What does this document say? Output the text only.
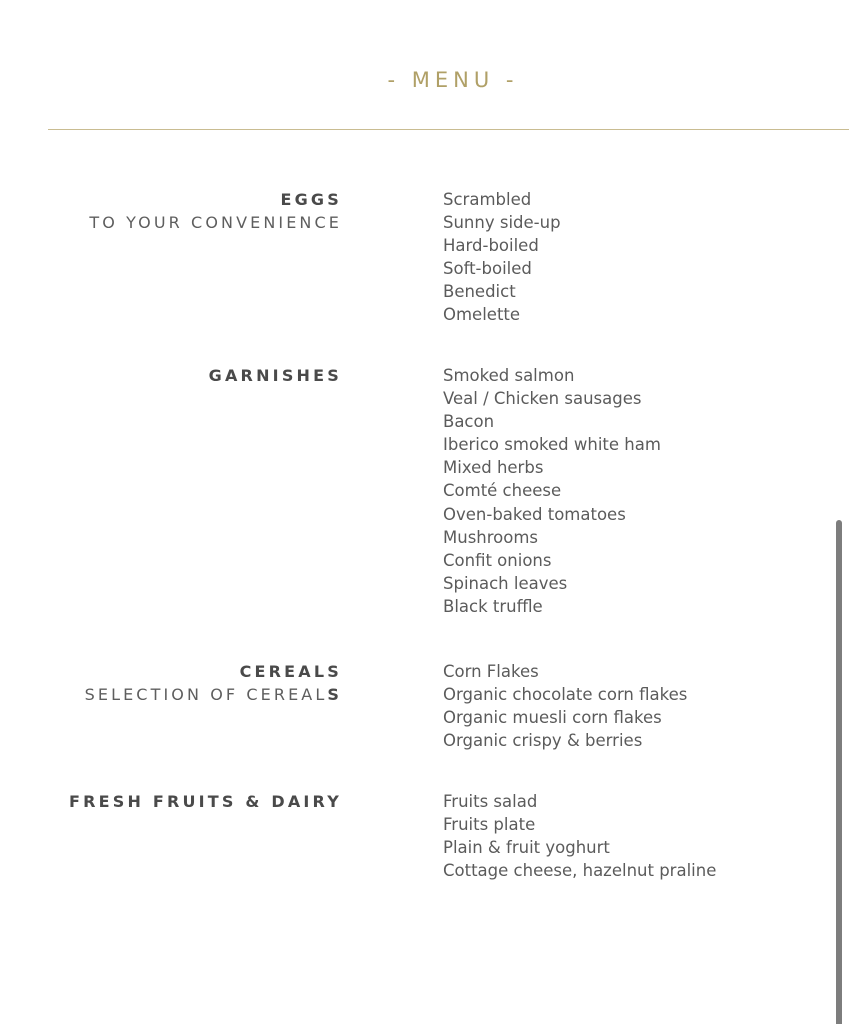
- MENU -
EGGS
TO YOUR CONVENIENCE
Scrambled
Sunny side-up
Hard-boiled
Soft-boiled
Benedict
Omelette
GARNISHES	Smoked salmon
Veal / Chicken sausages
Bacon
Iberico smoked white ham
Mixed herbs
Comté cheese
Oven-baked tomatoes
Mushrooms
Confit onions
Spinach leaves
Black truffle
CEREALS
SELECTION OF CEREALS
Corn Flakes
Organic chocolate corn flakes
Organic muesli corn flakes
Organic crispy & berries
FRESH FRUITS & DAIRY	Fruits salad
Fruits plate
Plain & fruit yoghurt
Cottage cheese, hazelnut praline
